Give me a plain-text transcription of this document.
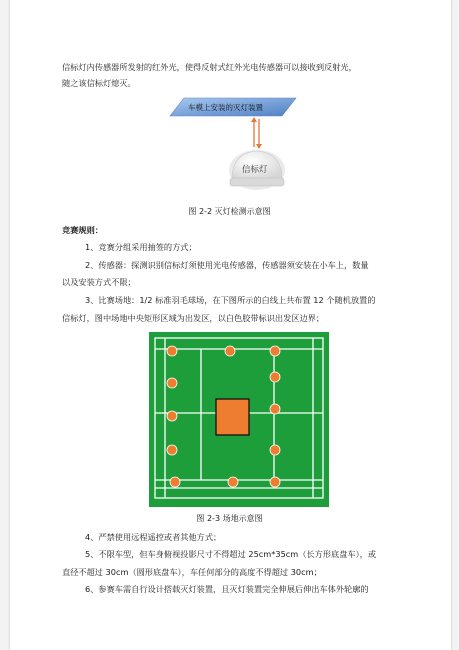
信标灯内传感器所发射的红外光，使得反射式红外光电传感器可以接收到反射光，
随之该信标灯熄灭。
车模上安装的灭灯装置
信标灯
图 2-2 灭灯检测示意图
竞赛规则：
1、竞赛分组采用抽签的方式；
2、传感器：探测识别信标灯须使用光电传感器，传感器须安装在小车上，数量
以及安装方式不限；
3、比赛场地：1/2 标准羽毛球场，在下图所示的白线上共布置 12 个随机放置的
信标灯，图中场地中央矩形区域为出发区，以白色胶带标识出发区边界；
图 2-3 场地示意图
4、严禁使用远程遥控或者其他方式；
5、不限车型，但车身俯视投影尺寸不得超过 25cm*35cm（长方形底盘车），或
直径不超过 30cm（圆形底盘车），车任何部分的高度不得超过 30cm；
6、参赛车需自行设计搭载灭灯装置，且灭灯装置完全伸展后伸出车体外轮廓的
